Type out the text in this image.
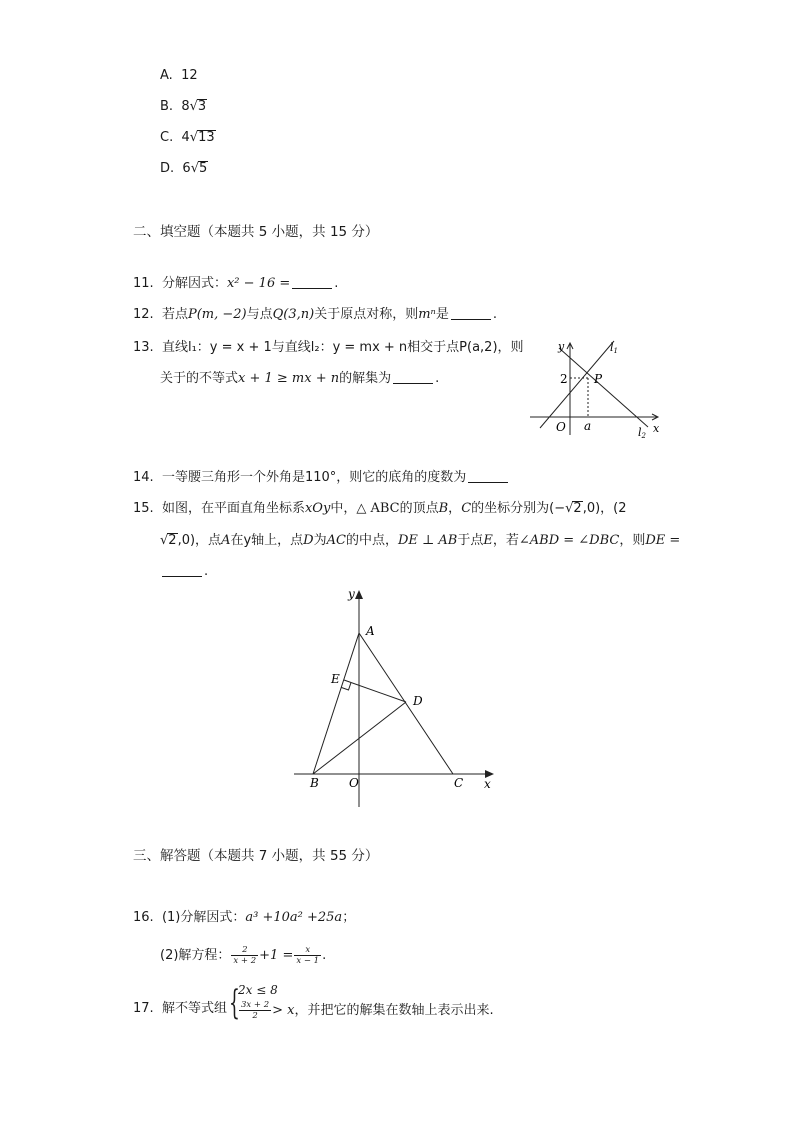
A. 12
B. 8√3
C. 4√13
D. 6√5
二、填空题（本题共 5 小题，共 15 分）
11. 分解因式：x² − 16 =	.
12. 若点P(m, −2)与点Q(3,n)关于原点对称，则mⁿ是	.
13. 直线l₁：y = x + 1与直线l₂：y = mx + n相交于点P(a,2)，则
关于的不等式x + 1 ≥ mx + n的解集为	.
y
x
O
2
a
P
l1
l2
14. 一等腰三角形一个外角是110°，则它的底角的度数为
15. 如图，在平面直角坐标系xOy中，△ ABC的顶点B，C的坐标分别为(−√2,0)，(2
√2,0)，点A在y轴上，点D为AC的中点，DE ⊥ AB于点E，若∠ABD = ∠DBC，则DE =
.
A
B	C
D
E
O
y
x
三、解答题（本题共 7 小题，共 55 分）
16. (1)分解因式：a³ +10a² +25a；
(2)解方程： $\frac{2}{x + 2} +1 = \frac{x}{x - 1}$ .
17. 解不等式组 {
2x ≤ 8
$\frac{3x + 2}{2} > x$，并把它的解集在数轴上表示出来.
